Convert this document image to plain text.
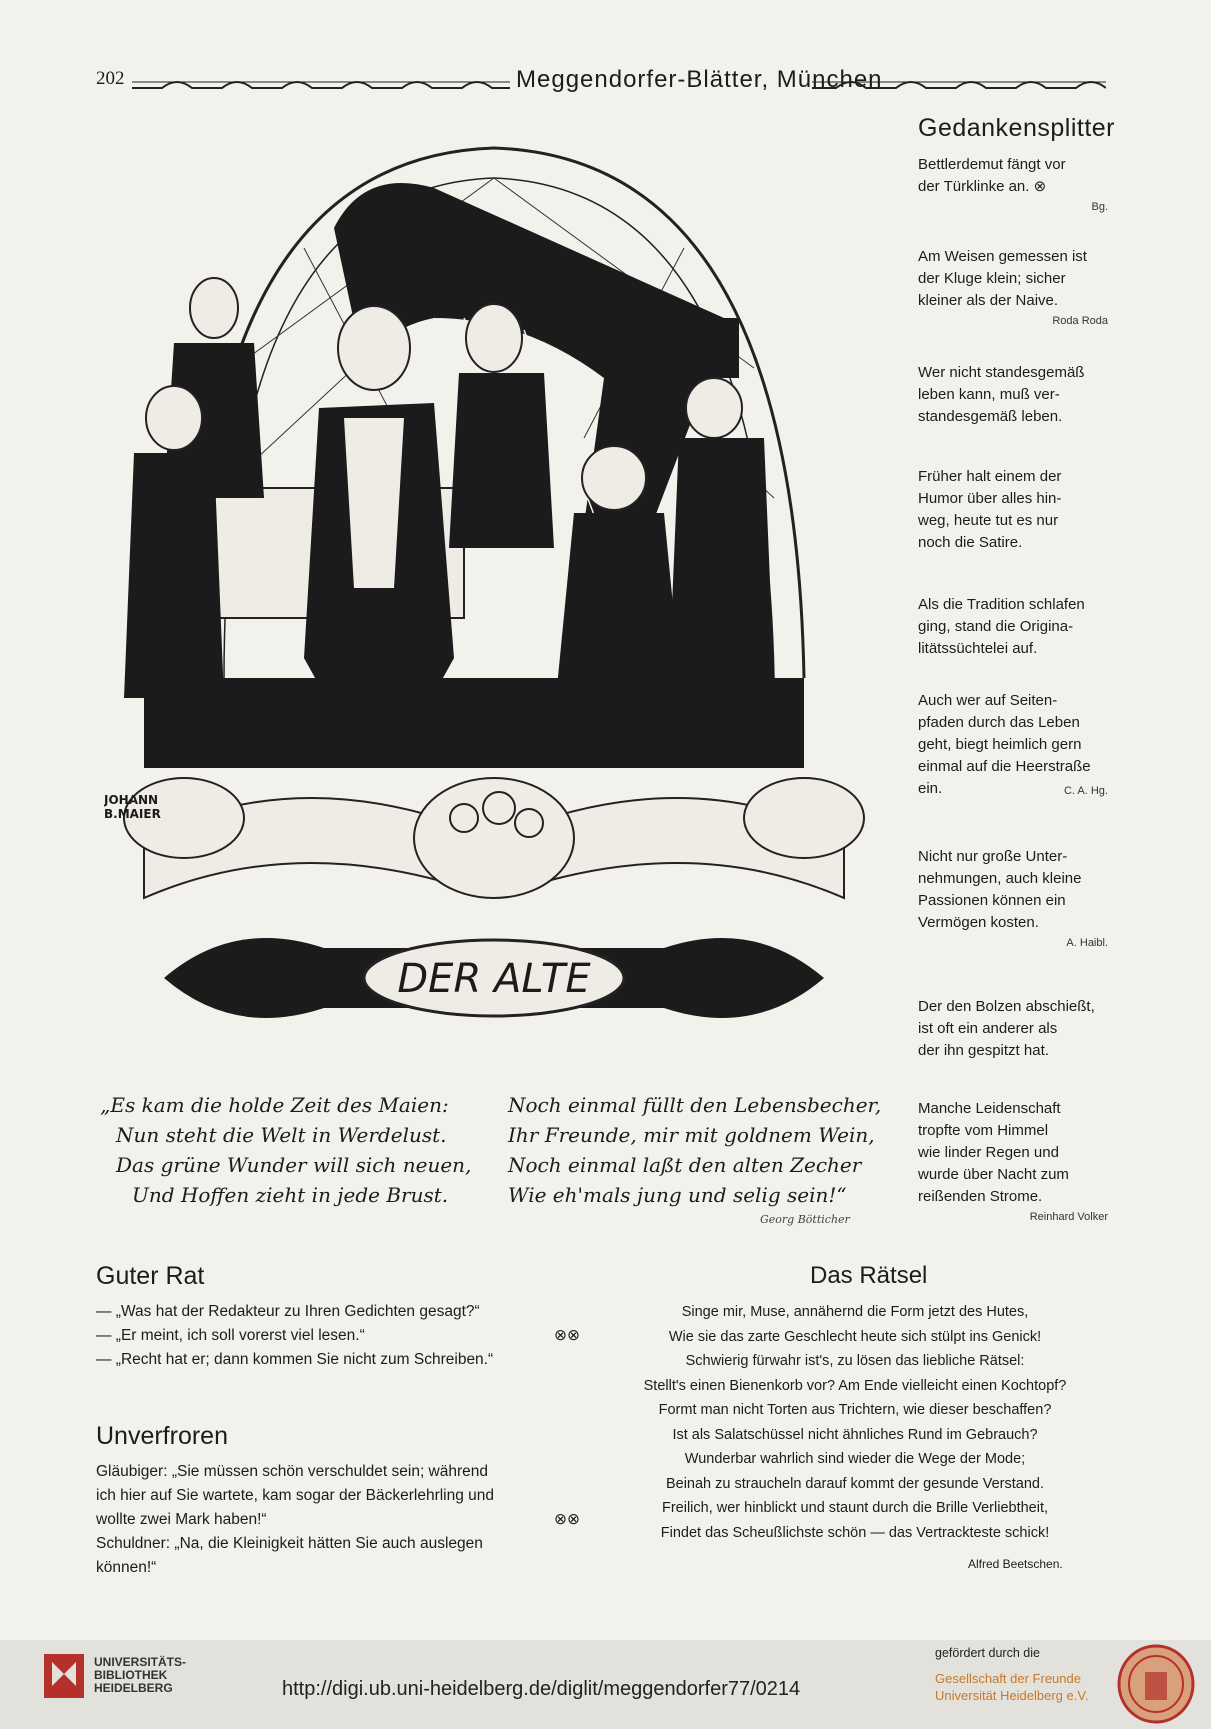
202	Meggendorfer-Blätter, München
DER ALTE
JOHANN
B.MAIER
„Es kam die holde Zeit des Maien:
Nun steht die Welt in Werdelust.
Das grüne Wunder will sich neuen,
Und Hoffen zieht in jede Brust.
Noch einmal füllt den Lebensbecher,
Ihr Freunde, mir mit goldnem Wein,
Noch einmal laßt den alten Zecher
Wie eh'mals jung und selig sein!“
Georg Bötticher
Gedankensplitter
Bettlerdemut fängt vor
der Türklinke an. ⊗
Bg.
Am Weisen gemessen ist
der Kluge klein; sicher
kleiner als der Naive.
Roda Roda
Wer nicht standesgemäß
leben kann, muß ver-
standesgemäß leben.
Früher halt einem der
Humor über alles hin-
weg, heute tut es nur
noch die Satire.
Als die Tradition schlafen
ging, stand die Origina-
litätssüchtelei auf.
Auch wer auf Seiten-
pfaden durch das Leben
geht, biegt heimlich gern
einmal auf die Heerstraße
ein.	C. A. Hg.
Nicht nur große Unter-
nehmungen, auch kleine
Passionen können ein
Vermögen kosten.
A. Haibl.
Der den Bolzen abschießt,
ist oft ein anderer als
der ihn gespitzt hat.
Manche Leidenschaft
tropfte vom Himmel
wie linder Regen und
wurde über Nacht zum
reißenden Strome.
Reinhard Volker
Guter Rat
— „Was hat der Redakteur zu Ihren Gedichten gesagt?“
— „Er meint, ich soll vorerst viel lesen.“	⊗⊗
— „Recht hat er; dann kommen Sie nicht zum Schreiben.“
Unverfroren
Gläubiger: „Sie müssen schön verschuldet sein; während
ich hier auf Sie wartete, kam sogar der Bäckerlehrling und
wollte zwei Mark haben!“	⊗⊗
Schuldner: „Na, die Kleinigkeit hätten Sie auch auslegen
können!“
Das Rätsel
Singe mir, Muse, annähernd die Form jetzt des Hutes,
Wie sie das zarte Geschlecht heute sich stülpt ins Genick!
Schwierig fürwahr ist's, zu lösen das liebliche Rätsel:
Stellt's einen Bienenkorb vor? Am Ende vielleicht einen Kochtopf?
Formt man nicht Torten aus Trichtern, wie dieser beschaffen?
Ist als Salatschüssel nicht ähnliches Rund im Gebrauch?
Wunderbar wahrlich sind wieder die Wege der Mode;
Beinah zu straucheln darauf kommt der gesunde Verstand.
Freilich, wer hinblickt und staunt durch die Brille Verliebtheit,
Findet das Scheußlichste schön — das Vertrackteste schick!
Alfred Beetschen.
UNIVERSITÄTS-
BIBLIOTHEK
HEIDELBERG	http://digi.ub.uni-heidelberg.de/diglit/meggendorfer77/0214
gefördert durch die
Gesellschaft der Freunde
Universität Heidelberg e.V.
